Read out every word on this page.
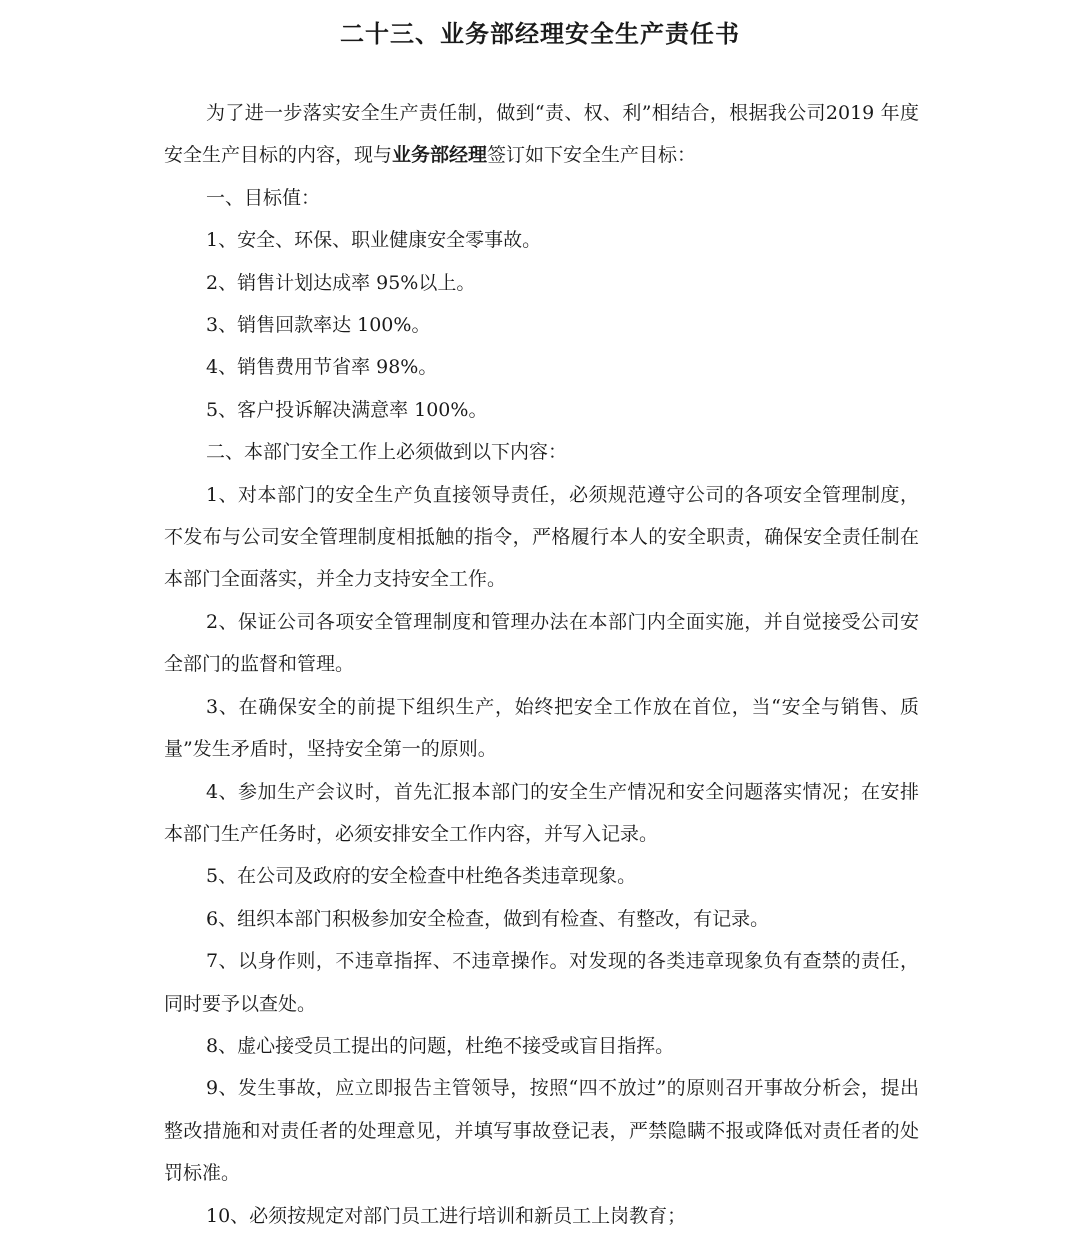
二十三、业务部经理安全生产责任书

为了进一步落实安全生产责任制，做到“责、权、利”相结合，根据我公司2019 年度安全生产目标的内容，现与业务部经理签订如下安全生产目标：

一、目标值：

1、安全、环保、职业健康安全零事故。

2、销售计划达成率 95%以上。

3、销售回款率达 100%。

4、销售费用节省率 98%。

5、客户投诉解决满意率 100%。

二、本部门安全工作上必须做到以下内容：

1、对本部门的安全生产负直接领导责任，必须规范遵守公司的各项安全管理制度，不发布与公司安全管理制度相抵触的指令，严格履行本人的安全职责，确保安全责任制在本部门全面落实，并全力支持安全工作。

2、保证公司各项安全管理制度和管理办法在本部门内全面实施，并自觉接受公司安全部门的监督和管理。

3、在确保安全的前提下组织生产，始终把安全工作放在首位，当“安全与销售、质量”发生矛盾时，坚持安全第一的原则。

4、参加生产会议时，首先汇报本部门的安全生产情况和安全问题落实情况；在安排本部门生产任务时，必须安排安全工作内容，并写入记录。

5、在公司及政府的安全检查中杜绝各类违章现象。

6、组织本部门积极参加安全检查，做到有检查、有整改，有记录。

7、以身作则，不违章指挥、不违章操作。对发现的各类违章现象负有查禁的责任，同时要予以查处。

8、虚心接受员工提出的问题，杜绝不接受或盲目指挥。

9、发生事故，应立即报告主管领导，按照“四不放过”的原则召开事故分析会，提出整改措施和对责任者的处理意见，并填写事故登记表，严禁隐瞒不报或降低对责任者的处罚标准。

10、必须按规定对部门员工进行培训和新员工上岗教育；
